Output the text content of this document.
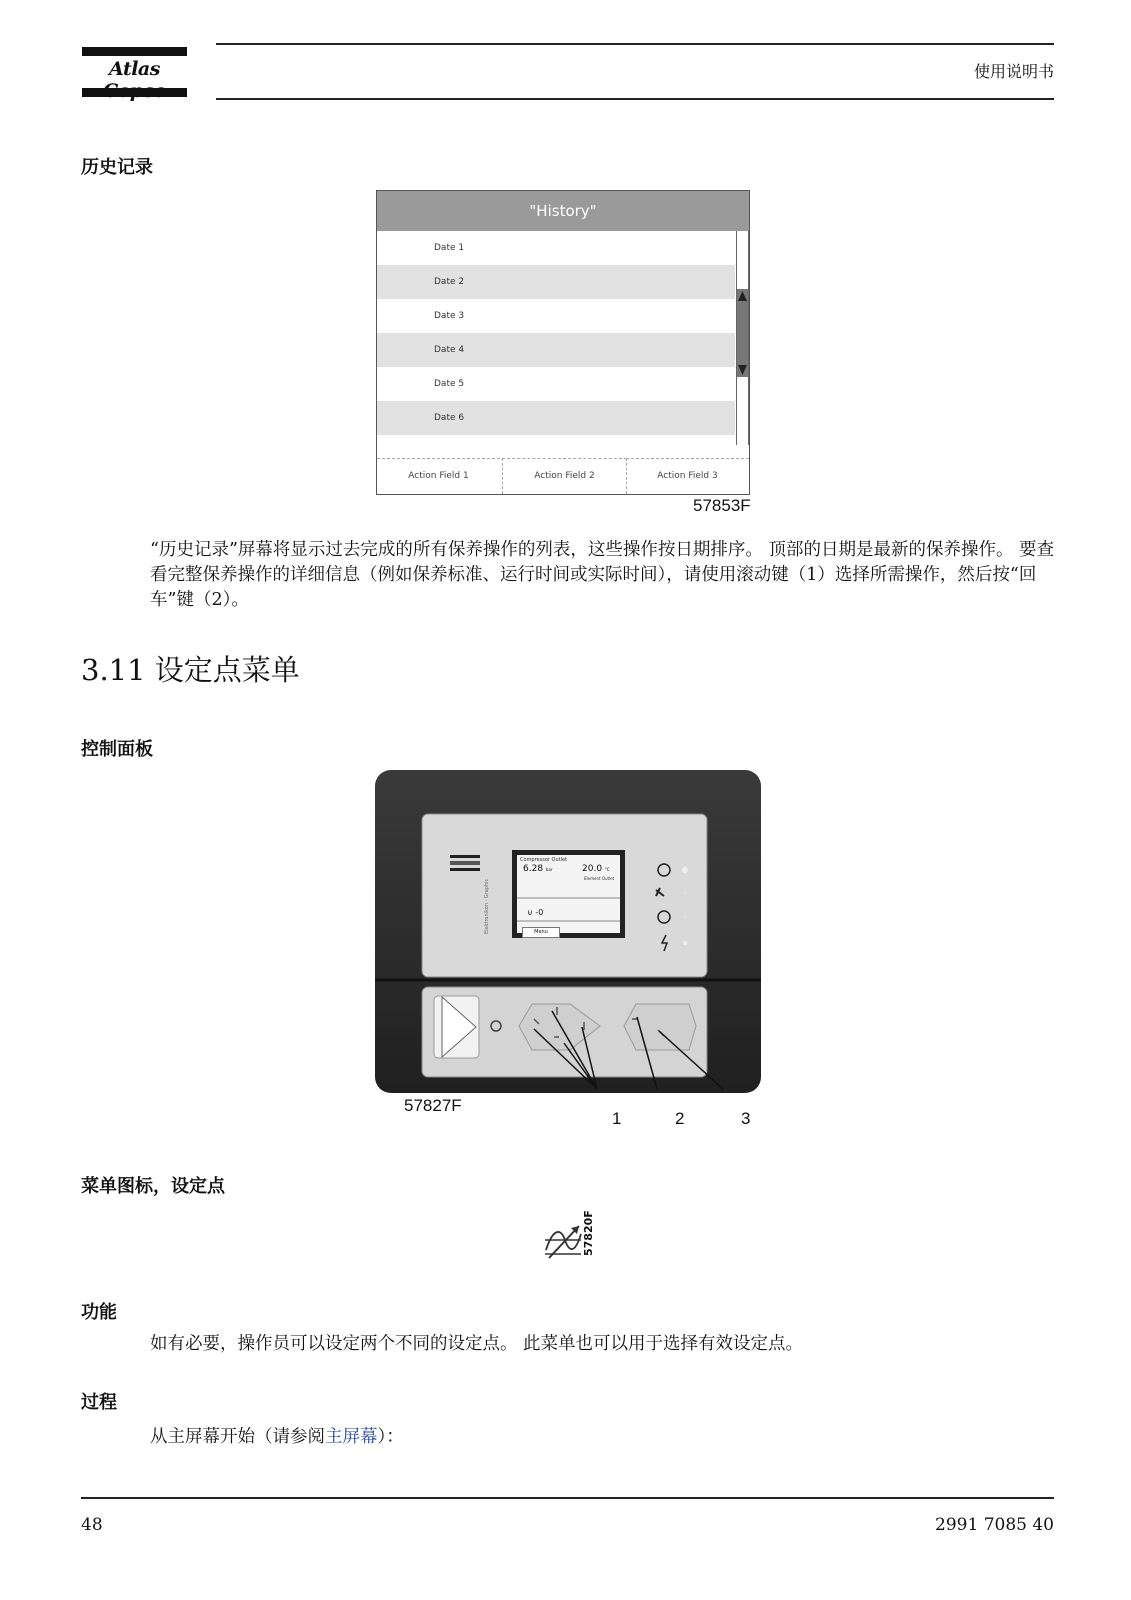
Atlas	使用说明书
历史记录
"History"
Date 1
Date 2
Date 3
Date 4
Date 5
Date 6
Action Field 1	Action Field 2	Action Field 3
57853F
“历史记录”屏幕将显示过去完成的所有保养操作的列表，这些操作按日期排序。 顶部的日期是最新的保养操作。 要查看完整保养操作的详细信息（例如保养标准、运行时间或实际时间），请使用滚动键（1）选择所需操作，然后按“回车”键（2）。
3.11 设定点菜单
控制面板
Elektronikon · Graphic
Compressor Outlet
6.28 bar	20.0 °C
Element Outlet
⊍ -0
Menu
57827F
1	2	3
菜单图标，设定点
57820F
功能
如有必要，操作员可以设定两个不同的设定点。 此菜单也可以用于选择有效设定点。
过程
从主屏幕开始（请参阅主屏幕）：
48	2991 7085 40
